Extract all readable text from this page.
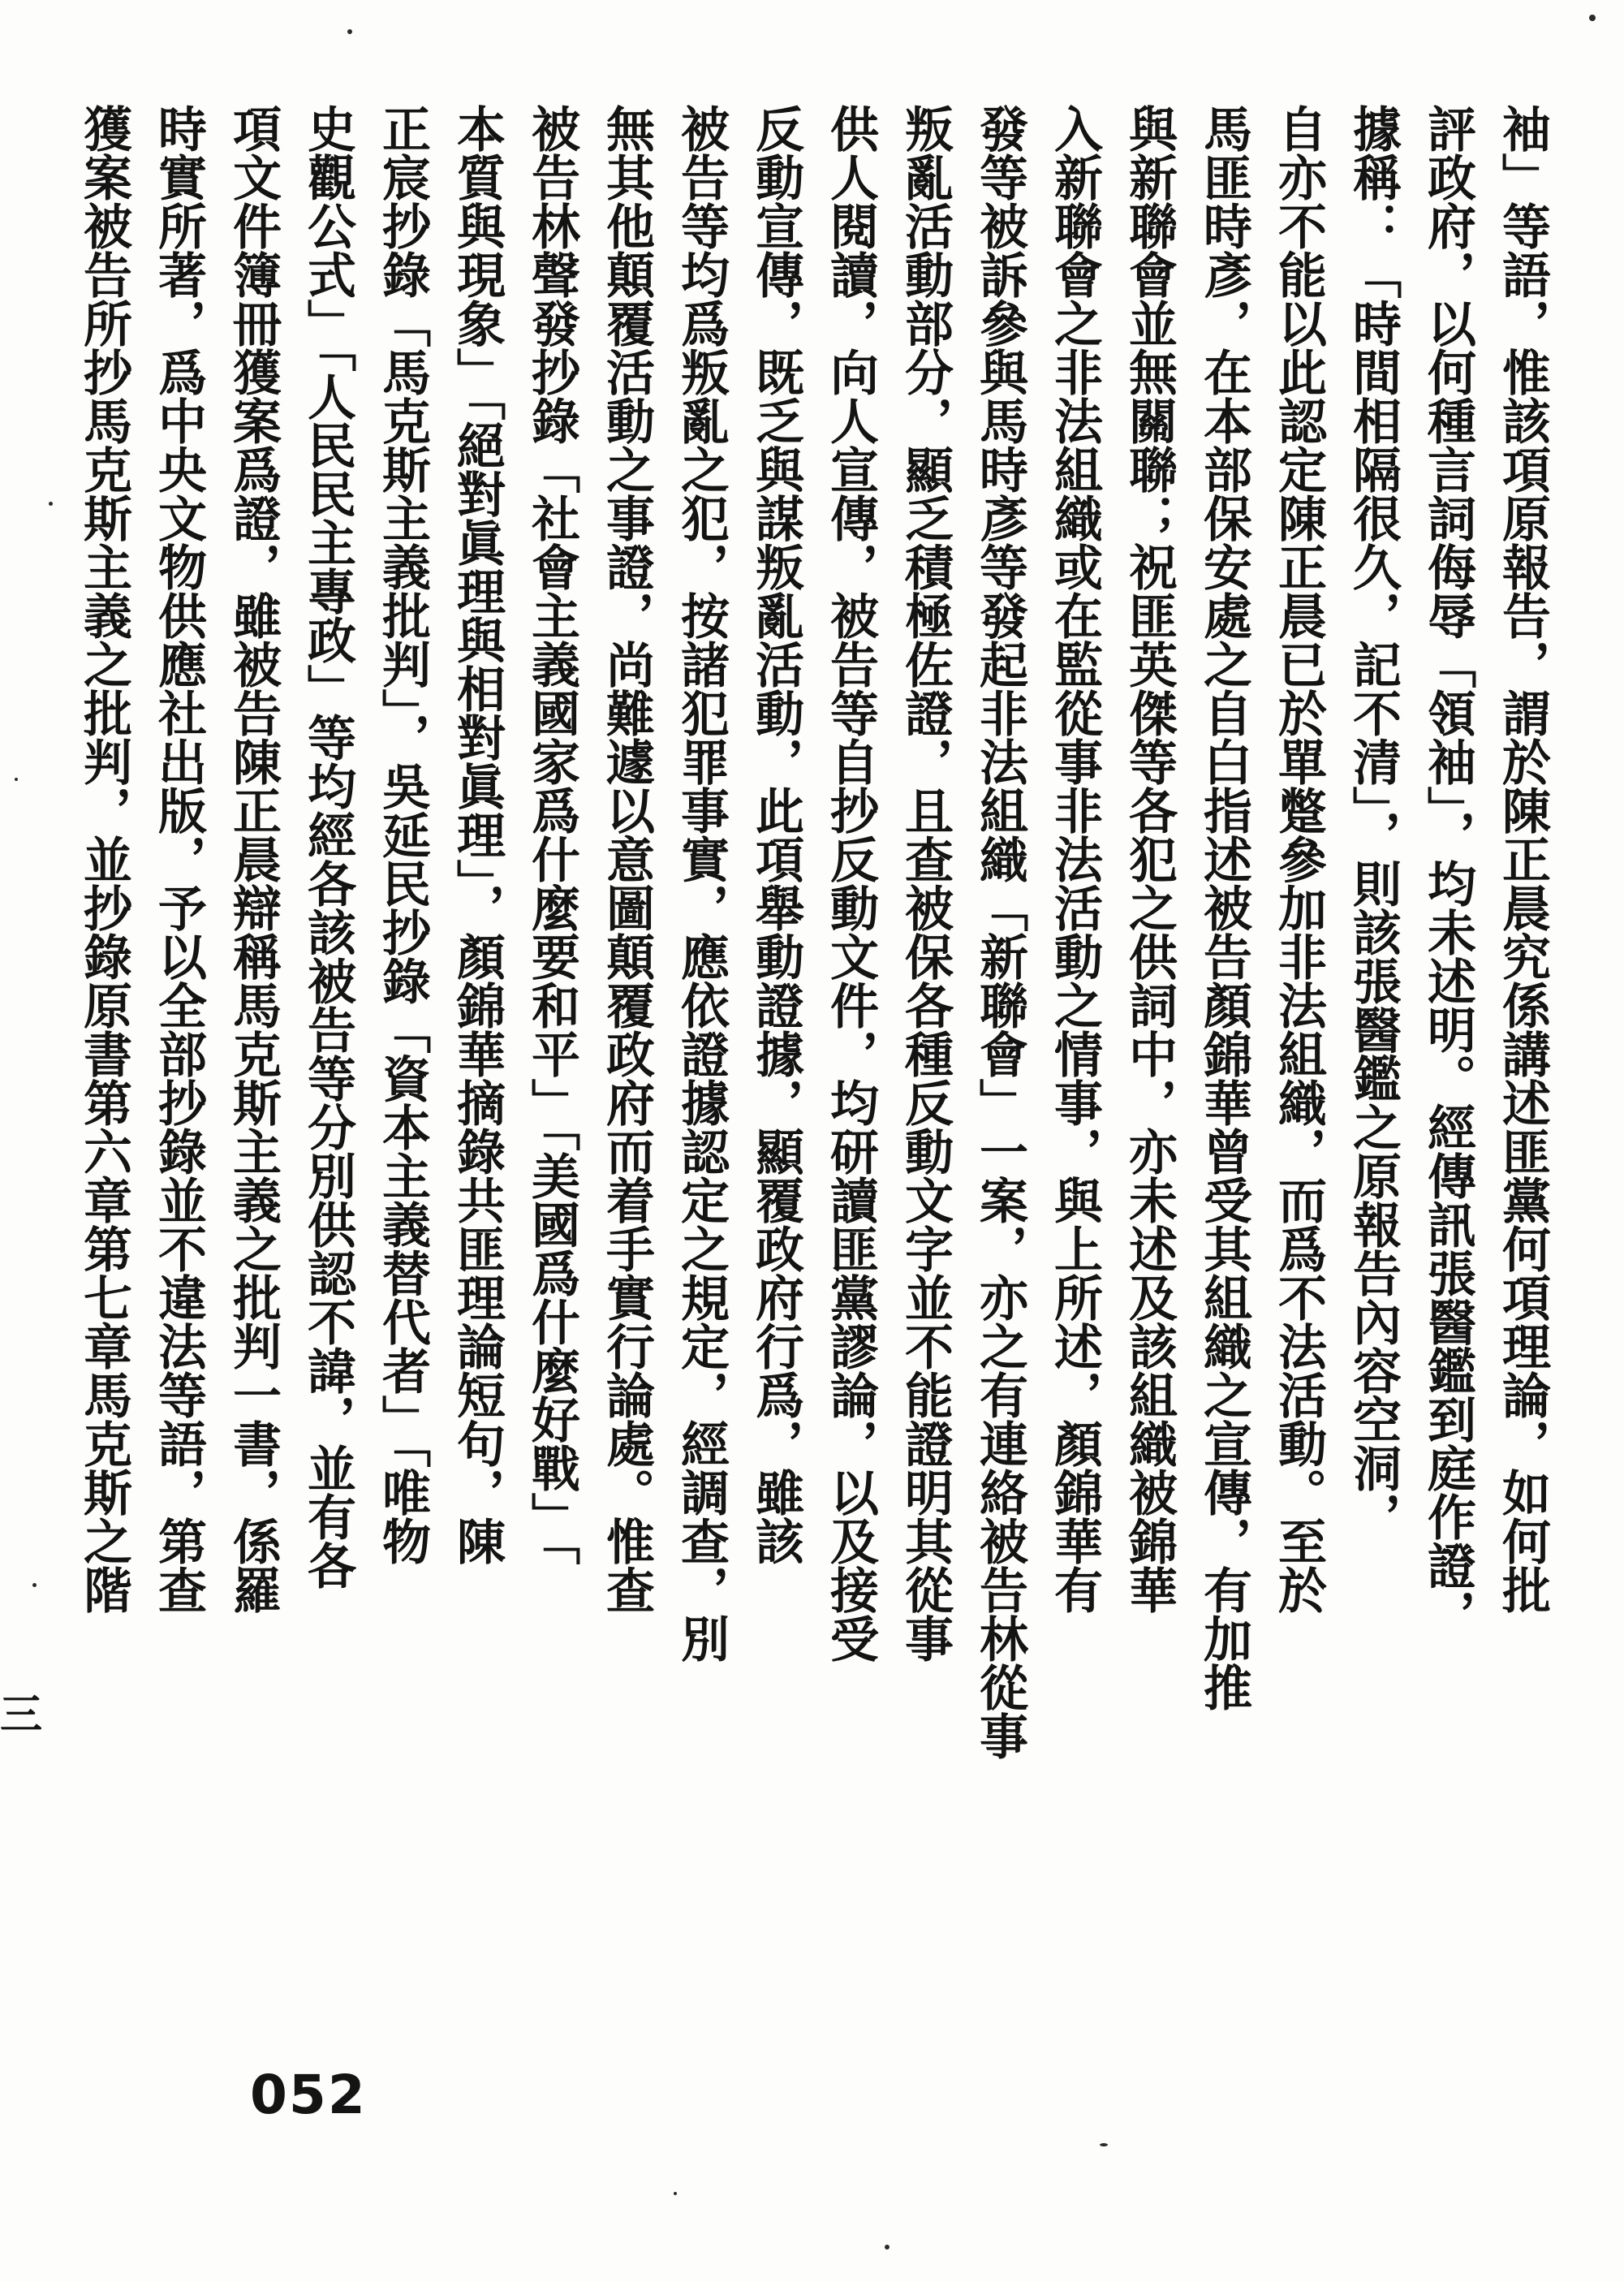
袖」等語，惟該項原報告，謂於陳正晨究係講述匪黨何項理論，如何批
評政府，以何種言詞侮辱「領袖」，均未述明。經傳訊張醫鑑到庭作證，
據稱：「時間相隔很久，記不清」，則該張醫鑑之原報告內容空洞，
自亦不能以此認定陳正晨已於單蹩參加非法組織，而爲不法活動。至於
馬匪時彥，在本部保安處之自白指述被告顏錦華曾受其組織之宣傳，有加推
與新聯會並無關聯；祝匪英傑等各犯之供詞中，亦未述及該組織被錦華
入新聯會之非法組織或在監從事非法活動之情事，與上所述，顏錦華有
發等被訴參與馬時彥等發起非法組織「新聯會」一案，亦之有連絡被告林從事
叛亂活動部分，顯乏積極佐證，且查被保各種反動文字並不能證明其從事
供人閱讀，向人宣傳，被告等自抄反動文件，均研讀匪黨謬論，以及接受
反動宣傳，既乏與謀叛亂活動，此項舉動證據，顯覆政府行爲，雖該
被告等均爲叛亂之犯，按諸犯罪事實，應依證據認定之規定，經調查，別
無其他顛覆活動之事證，尚難遽以意圖顛覆政府而着手實行論處。惟查
被告林聲發抄錄「社會主義國家爲什麼要和平」「美國爲什麼好戰」「
本質與現象」「絕對眞理與相對眞理」，顏錦華摘錄共匪理論短句，陳
正宸抄錄「馬克斯主義批判」，吳延民抄錄「資本主義替代者」「唯物
史觀公式」「人民民主專政」等均經各該被告等分別供認不諱，並有各
項文件簿冊獲案爲證，雖被告陳正晨辯稱馬克斯主義之批判一書，係羅
時實所著，爲中央文物供應社出版，予以全部抄錄並不違法等語，第查
獲案被告所抄馬克斯主義之批判，並抄錄原書第六章第七章馬克斯之階
三
052
